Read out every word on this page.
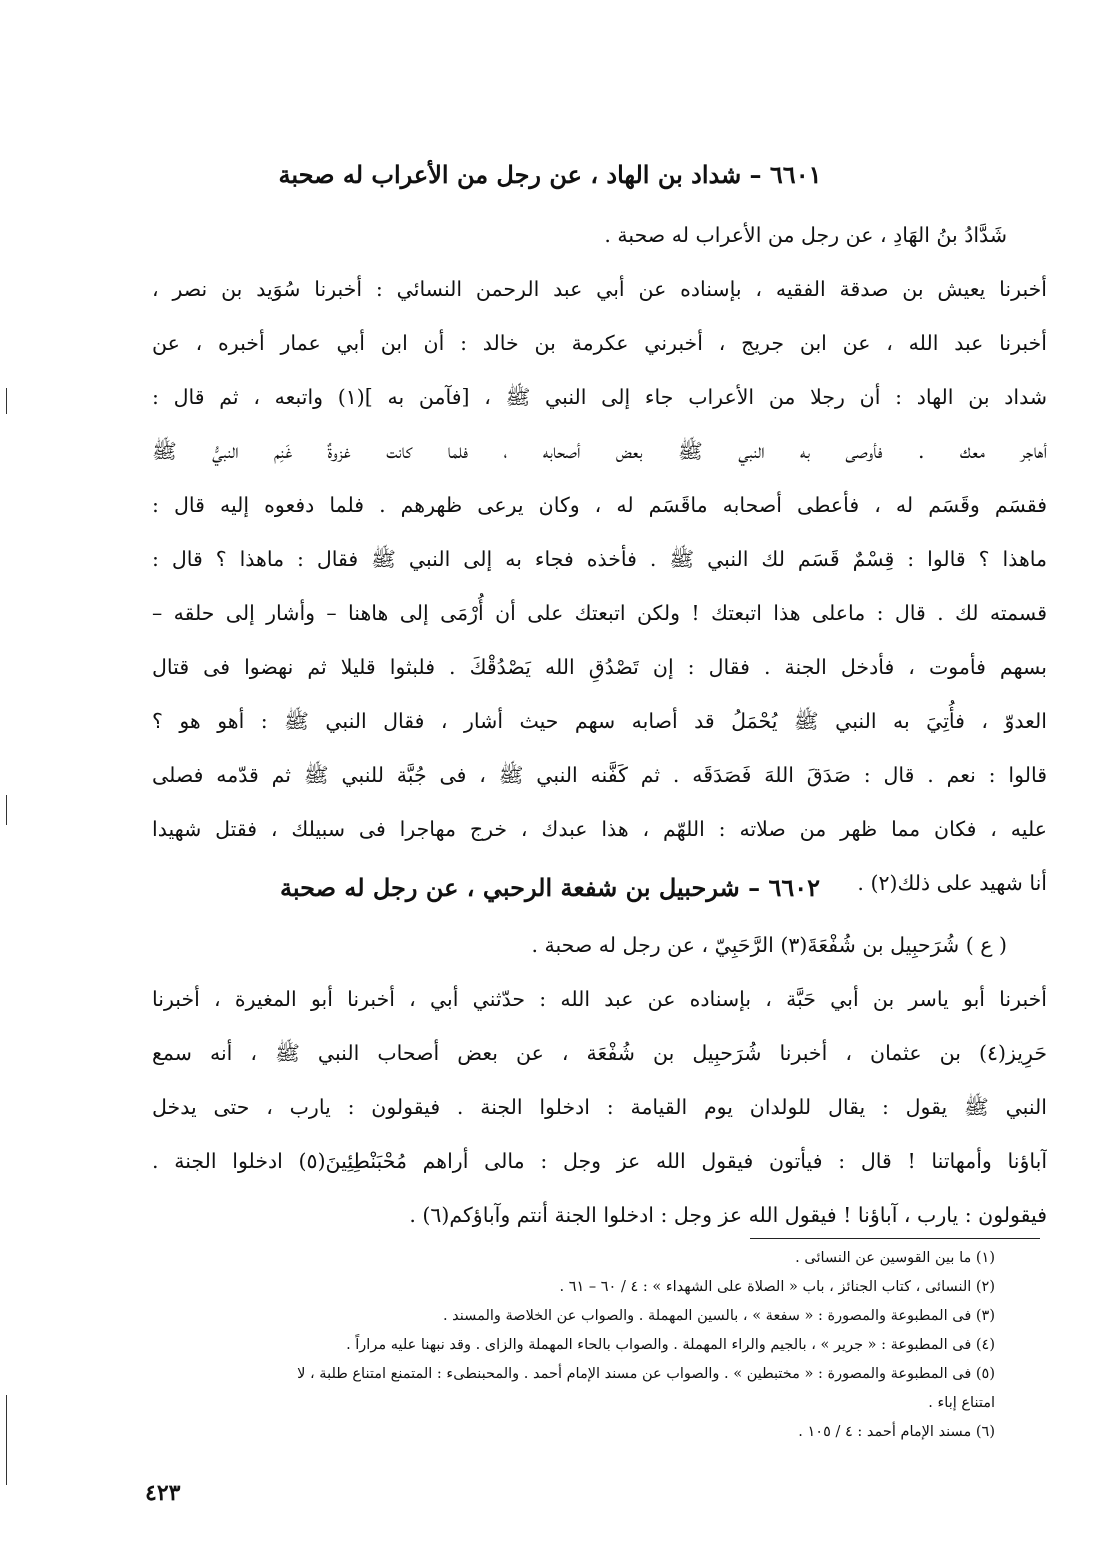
٦٦٠١ – شداد بن الهاد ، عن رجل من الأعراب له صحبة
شَدَّادُ بنُ الهَادِ ، عن رجل من الأعراب له صحبة .
أخبرنا يعيش بن صدقة الفقيه ، بإسناده عن أبي عبد الرحمن النسائي : أخبرنا سُوَيد بن نصر ،
أخبرنا عبد الله ، عن ابن جريج ، أخبرني عكرمة بن خالد : أن ابن أبي عمار أخبره ، عن
شداد بن الهاد : أن رجلا من الأعراب جاء إلى النبي ﷺ ، [فآمن به ](١) واتبعه ، ثم قال :
أهاجر معك . فأوصى به النبي ﷺ بعض أصحابه ، فلما كانت غزوةٌ غَنِم النبيُّ ﷺ
فقسَم وقَسَم له ، فأعطى أصحابه ماقَسَم له ، وكان يرعى ظهرهم . فلما دفعوه إليه قال :
ماهذا ؟ قالوا : قِسْمٌ قَسَم لك النبي ﷺ . فأخذه فجاء به إلى النبي ﷺ فقال : ماهذا ؟ قال :
قسمته لك . قال : ماعلى هذا اتبعتك ! ولكن اتبعتك على أن أُرْمَى إلى هاهنا – وأشار إلى حلقه –
بسهم فأموت ، فأدخل الجنة . فقال : إن تَصْدُقِ الله يَصْدُقْكَ . فلبثوا قليلا ثم نهضوا فى قتال
العدوّ ، فأُتِيَ به النبي ﷺ يُحْمَلُ قد أصابه سهم حيث أشار ، فقال النبي ﷺ : أهو هو ؟
قالوا : نعم . قال : صَدَقَ اللهَ فَصَدَقَه . ثم كَفَّنه النبي ﷺ ، فى جُبَّة للنبي ﷺ ثم قدّمه فصلى
عليه ، فكان مما ظهر من صلاته : اللهّم ، هذا عبدك ، خرج مهاجرا فى سبيلك ، فقتل شهيدا
أنا شهيد على ذلك(٢) .
٦٦٠٢ – شرحبيل بن شفعة الرحبي ، عن رجل له صحبة
( ع ) شُرَحبِيل بن شُفْعَةَ(٣) الرَّحَبِيّ ، عن رجل له صحبة .
أخبرنا أبو ياسر بن أبي حَبَّة ، بإسناده عن عبد الله : حدّثني أبي ، أخبرنا أبو المغيرة ، أخبرنا
حَرِيز(٤) بن عثمان ، أخبرنا شُرَحبِيل بن شُفْعَة ، عن بعض أصحاب النبي ﷺ ، أنه سمع
النبي ﷺ يقول : يقال للولدان يوم القيامة : ادخلوا الجنة . فيقولون : يارب ، حتى يدخل
آباؤنا وأمهاتنا ! قال : فيأتون فيقول الله عز وجل : مالى أراهم مُحْبَنْطِئِينَ(٥) ادخلوا الجنة .
فيقولون : يارب ، آباؤنا ! فيقول الله عز وجل : ادخلوا الجنة أنتم وآباؤكم(٦) .
(١) ما بين القوسين عن النسائى .
(٢) النسائى ، كتاب الجنائز ، باب « الصلاة على الشهداء » : ٤ / ٦٠ – ٦١ .
(٣) فى المطبوعة والمصورة : « سفعة » ، بالسين المهملة . والصواب عن الخلاصة والمسند .
(٤) فى المطبوعة : « جرير » ، بالجيم والراء المهملة . والصواب بالحاء المهملة والزاى . وقد نبهنا عليه مراراً .
(٥) فى المطبوعة والمصورة : « مختبطين » . والصواب عن مسند الإمام أحمد . والمحبنطىء : المتمنع امتناع طلبة ، لا
امتناع إباء .
(٦) مسند الإمام أحمد : ٤ / ١٠٥ .
٤٢٣
